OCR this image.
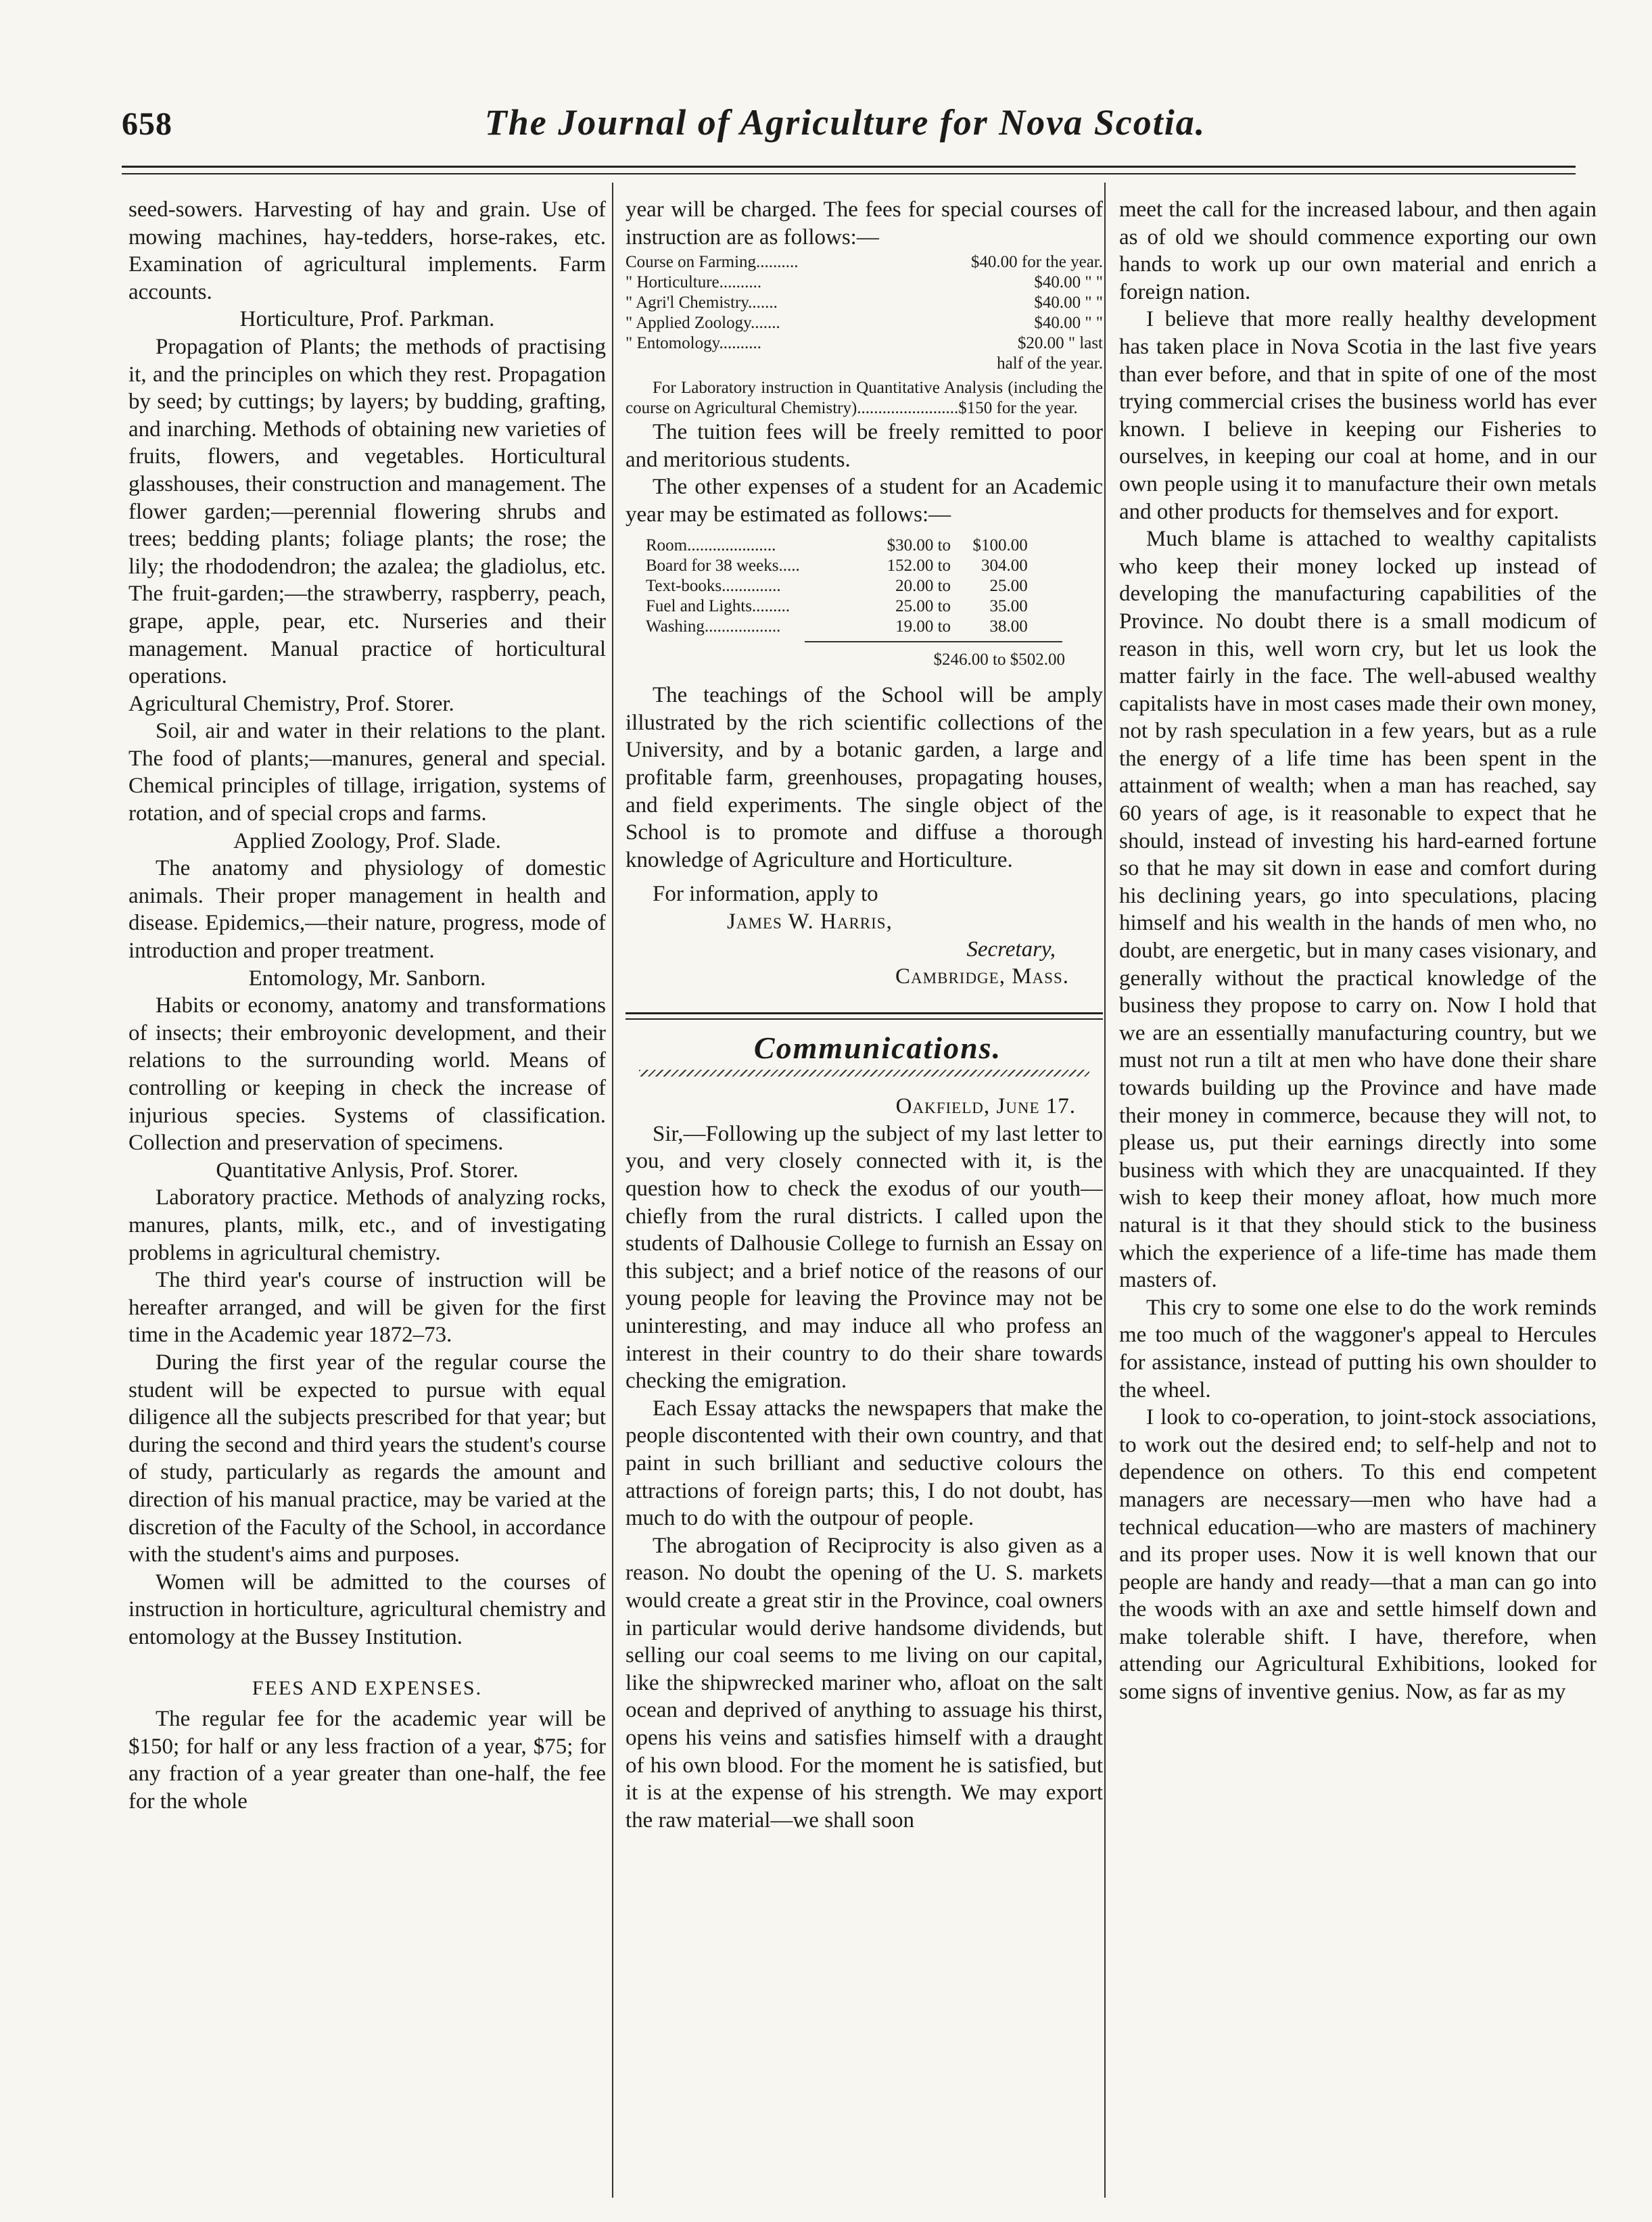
658	The Journal of Agriculture for Nova Scotia.

seed-sowers. Harvesting of hay and grain. Use of mowing machines, hay-tedders, horse-rakes, etc. Examination of agricultural implements. Farm accounts.

Horticulture, Prof. Parkman.

Propagation of Plants; the methods of practising it, and the principles on which they rest. Propagation by seed; by cuttings; by layers; by budding, grafting, and inarching. Methods of obtaining new varieties of fruits, flowers, and vegetables. Horticultural glasshouses, their construction and management. The flower garden;—perennial flowering shrubs and trees; bedding plants; foliage plants; the rose; the lily; the rhododendron; the azalea; the gladiolus, etc. The fruit-garden;—the strawberry, raspberry, peach, grape, apple, pear, etc. Nurseries and their management. Manual practice of horticultural operations.

Agricultural Chemistry, Prof. Storer.

Soil, air and water in their relations to the plant. The food of plants;—manures, general and special. Chemical principles of tillage, irrigation, systems of rotation, and of special crops and farms.

Applied Zoology, Prof. Slade.

The anatomy and physiology of domestic animals. Their proper management in health and disease. Epidemics,—their nature, progress, mode of introduction and proper treatment.

Entomology, Mr. Sanborn.

Habits or economy, anatomy and transformations of insects; their embroyonic development, and their relations to the surrounding world. Means of controlling or keeping in check the increase of injurious species. Systems of classification. Collection and preservation of specimens.

Quantitative Anlysis, Prof. Storer.

Laboratory practice. Methods of analyzing rocks, manures, plants, milk, etc., and of investigating problems in agricultural chemistry.

The third year's course of instruction will be hereafter arranged, and will be given for the first time in the Academic year 1872–73.

During the first year of the regular course the student will be expected to pursue with equal diligence all the subjects prescribed for that year; but during the second and third years the student's course of study, particularly as regards the amount and direction of his manual practice, may be varied at the discretion of the Faculty of the School, in accordance with the student's aims and purposes.

Women will be admitted to the courses of instruction in horticulture, agricultural chemistry and entomology at the Bussey Institution.

FEES AND EXPENSES.

The regular fee for the academic year will be $150; for half or any less fraction of a year, $75; for any fraction of a year greater than one-half, the fee for the whole

year will be charged. The fees for special courses of instruction are as follows:—

Course on Farming..........	$40.00 for the year.
" Horticulture..........	$40.00 " "
" Agri'l Chemistry.......	$40.00 " "
" Applied Zoology.......	$40.00 " "
" Entomology..........	$20.00 " last
	half of the year.

For Laboratory instruction in Quantitative Analysis (including the course on Agricultural Chemistry)........................$150 for the year.

The tuition fees will be freely remitted to poor and meritorious students.

The other expenses of a student for an Academic year may be estimated as follows:—

Room.....................	$30.00 to	$100.00
Board for 38 weeks.....	152.00 to	304.00
Text-books..............	20.00 to	25.00
Fuel and Lights.........	25.00 to	35.00
Washing..................	19.00 to	38.00
$246.00 to $502.00

The teachings of the School will be amply illustrated by the rich scientific collections of the University, and by a botanic garden, a large and profitable farm, greenhouses, propagating houses, and field experiments. The single object of the School is to promote and diffuse a thorough knowledge of Agriculture and Horticulture.

For information, apply to
James W. Harris,
Secretary,
Cambridge, Mass.

Communications.

Oakfield, June 17.

Sir,—Following up the subject of my last letter to you, and very closely connected with it, is the question how to check the exodus of our youth—chiefly from the rural districts. I called upon the students of Dalhousie College to furnish an Essay on this subject; and a brief notice of the reasons of our young people for leaving the Province may not be uninteresting, and may induce all who profess an interest in their country to do their share towards checking the emigration.

Each Essay attacks the newspapers that make the people discontented with their own country, and that paint in such brilliant and seductive colours the attractions of foreign parts; this, I do not doubt, has much to do with the outpour of people.

The abrogation of Reciprocity is also given as a reason. No doubt the opening of the U. S. markets would create a great stir in the Province, coal owners in particular would derive handsome dividends, but selling our coal seems to me living on our capital, like the shipwrecked mariner who, afloat on the salt ocean and deprived of anything to assuage his thirst, opens his veins and satisfies himself with a draught of his own blood. For the moment he is satisfied, but it is at the expense of his strength. We may export the raw material—we shall soon

meet the call for the increased labour, and then again as of old we should commence exporting our own hands to work up our own material and enrich a foreign nation.

I believe that more really healthy development has taken place in Nova Scotia in the last five years than ever before, and that in spite of one of the most trying commercial crises the business world has ever known. I believe in keeping our Fisheries to ourselves, in keeping our coal at home, and in our own people using it to manufacture their own metals and other products for themselves and for export.

Much blame is attached to wealthy capitalists who keep their money locked up instead of developing the manufacturing capabilities of the Province. No doubt there is a small modicum of reason in this, well worn cry, but let us look the matter fairly in the face. The well-abused wealthy capitalists have in most cases made their own money, not by rash speculation in a few years, but as a rule the energy of a life time has been spent in the attainment of wealth; when a man has reached, say 60 years of age, is it reasonable to expect that he should, instead of investing his hard-earned fortune so that he may sit down in ease and comfort during his declining years, go into speculations, placing himself and his wealth in the hands of men who, no doubt, are energetic, but in many cases visionary, and generally without the practical knowledge of the business they propose to carry on. Now I hold that we are an essentially manufacturing country, but we must not run a tilt at men who have done their share towards building up the Province and have made their money in commerce, because they will not, to please us, put their earnings directly into some business with which they are unacquainted. If they wish to keep their money afloat, how much more natural is it that they should stick to the business which the experience of a life-time has made them masters of.

This cry to some one else to do the work reminds me too much of the waggoner's appeal to Hercules for assistance, instead of putting his own shoulder to the wheel.

I look to co-operation, to joint-stock associations, to work out the desired end; to self-help and not to dependence on others. To this end competent managers are necessary—men who have had a technical education—who are masters of machinery and its proper uses. Now it is well known that our people are handy and ready—that a man can go into the woods with an axe and settle himself down and make tolerable shift. I have, therefore, when attending our Agricultural Exhibitions, looked for some signs of inventive genius. Now, as far as my
